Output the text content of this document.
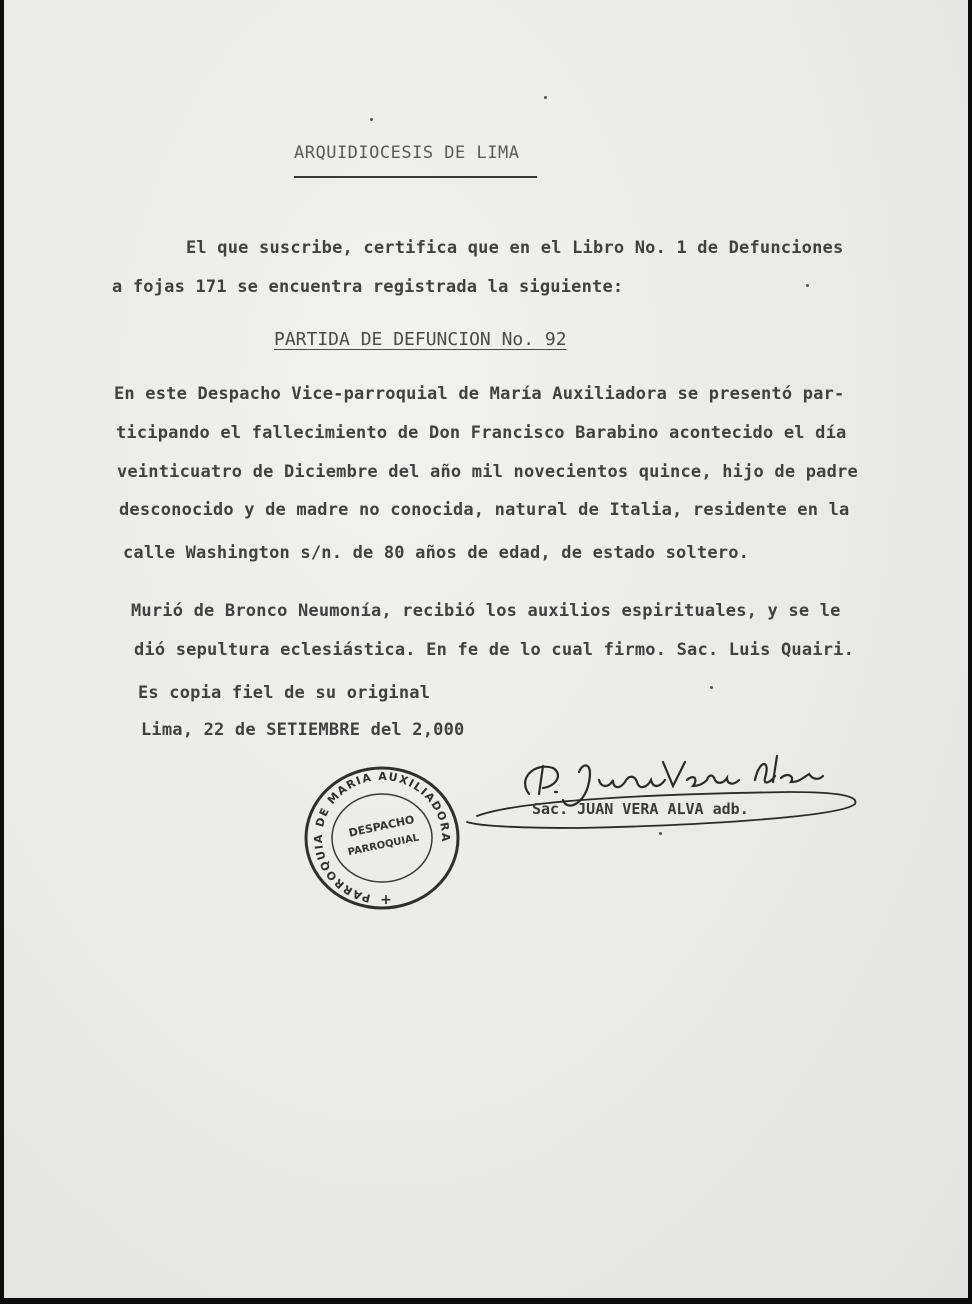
ARQUIDIOCESIS DE LIMA
El que suscribe, certifica que en el Libro No. 1 de Defunciones
a fojas 171 se encuentra registrada la siguiente:
PARTIDA DE DEFUNCION No. 92
En este Despacho Vice-parroquial de María Auxiliadora se presentó par-
ticipando el fallecimiento de Don Francisco Barabino acontecido el día
veinticuatro de Diciembre del año mil novecientos quince, hijo de padre
desconocido y de madre no conocida, natural de Italia, residente en la
calle Washington s/n. de 80 años de edad, de estado soltero.
Murió de Bronco Neumonía, recibió los auxilios espirituales, y se le
dió sepultura eclesiástica. En fe de lo cual firmo. Sac. Luis Quairi.
Es copia fiel de su original
Lima, 22 de SETIEMBRE del 2,000
PARROQUIA DE MARIA AUXILIADORA
DESPACHO
PARROQUIAL
+
Sac. JUAN VERA ALVA adb.
